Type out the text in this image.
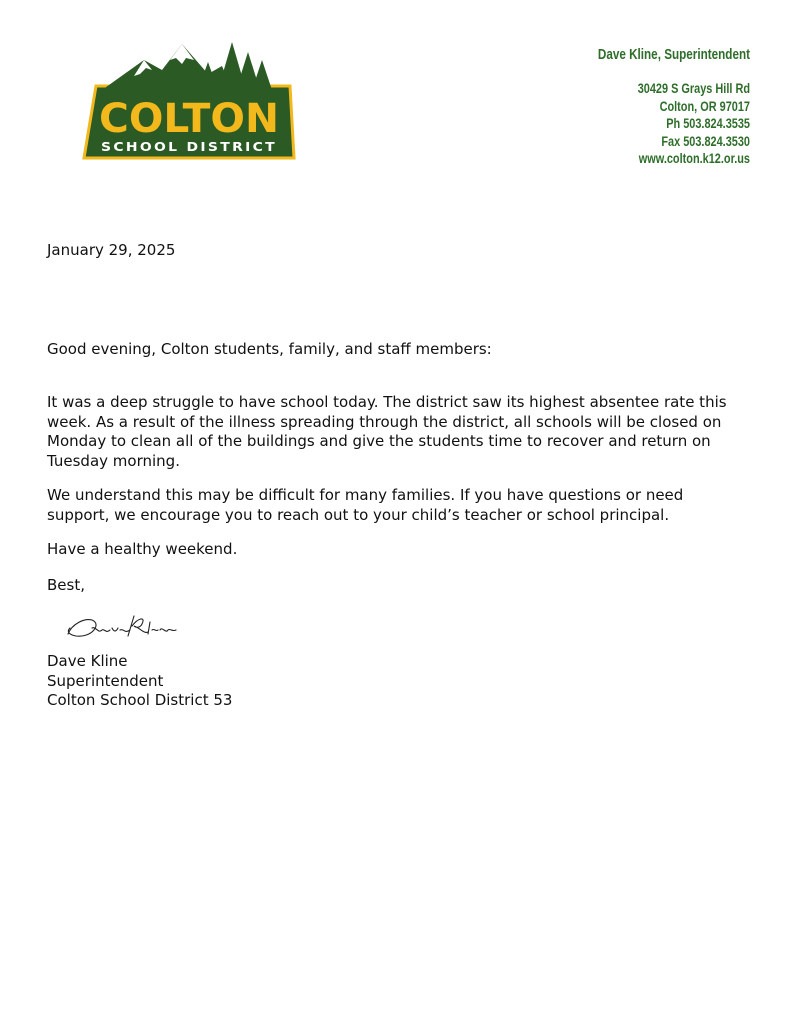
COLTON
SCHOOL DISTRICT
Dave Kline, Superintendent
30429 S Grays Hill Rd
Colton, OR 97017
Ph 503.824.3535
Fax 503.824.3530
www.colton.k12.or.us

January 29, 2025

Good evening, Colton students, family, and staff members:

It was a deep struggle to have school today. The district saw its highest absentee rate this week. As a result of the illness spreading through the district, all schools will be closed on Monday to clean all of the buildings and give the students time to recover and return on Tuesday morning.

We understand this may be difficult for many families. If you have questions or need support, we encourage you to reach out to your child’s teacher or school principal.

Have a healthy weekend.

Best,

Dave Kline
Superintendent
Colton School District 53
